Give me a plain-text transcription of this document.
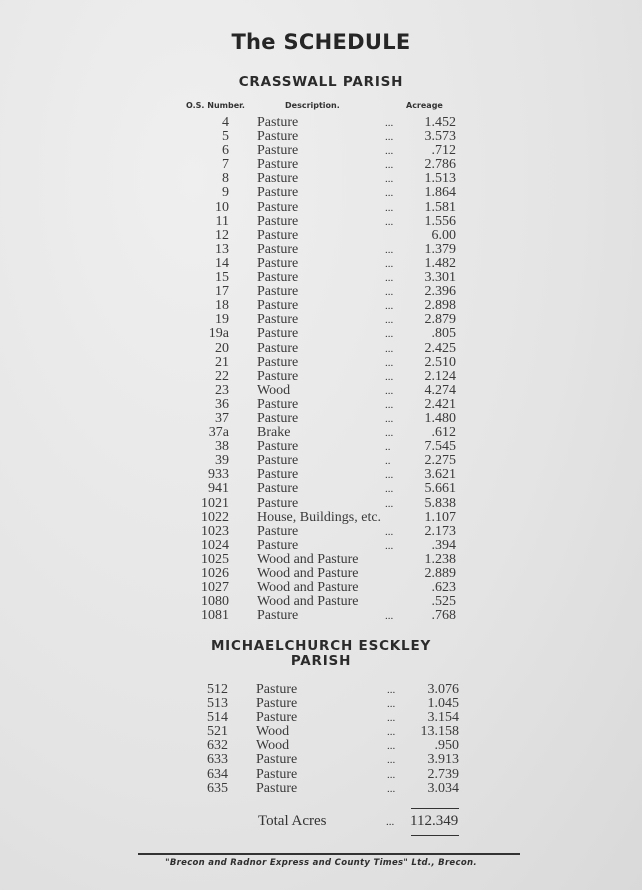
The SCHEDULE
CRASSWALL PARISH
O.S. Number.	Description.	Acreage
4 Pasture	... 1.452
5 Pasture	... 3.573
6 Pasture	...	.712
7 Pasture	... 2.786
8 Pasture	... 1.513
9 Pasture	... 1.864
10 Pasture	... 1.581
11 Pasture	... 1.556
12 Pasture	6.00
13 Pasture	... 1.379
14 Pasture	... 1.482
15 Pasture	... 3.301
17 Pasture	... 2.396
18 Pasture	... 2.898
19 Pasture	... 2.879
19a Pasture	...	.805
20 Pasture	... 2.425
21 Pasture	... 2.510
22 Pasture	... 2.124
23 Wood	... 4.274
36 Pasture	... 2.421
37 Pasture	... 1.480
37a Brake	...	.612
38 Pasture	.. 7.545
39 Pasture	.. 2.275
933 Pasture	... 3.621
941 Pasture	... 5.661
1021 Pasture	... 5.838
1022 House, Buildings, etc.	1.107
1023 Pasture	... 2.173
1024 Pasture	...	.394
1025 Wood and Pasture	1.238
1026 Wood and Pasture	2.889
1027 Wood and Pasture	.623
1080 Wood and Pasture	.525
1081 Pasture	...	.768
MICHAELCHURCH ESCKLEY
PARISH
512 Pasture	... 3.076
513 Pasture	... 1.045
514 Pasture	... 3.154
521 Wood	... 13.158
632 Wood	...	.950
633 Pasture	... 3.913
634 Pasture	... 2.739
635 Pasture	... 3.034
Total Acres	... 112.349
"Brecon and Radnor Express and County Times" Ltd., Brecon.
